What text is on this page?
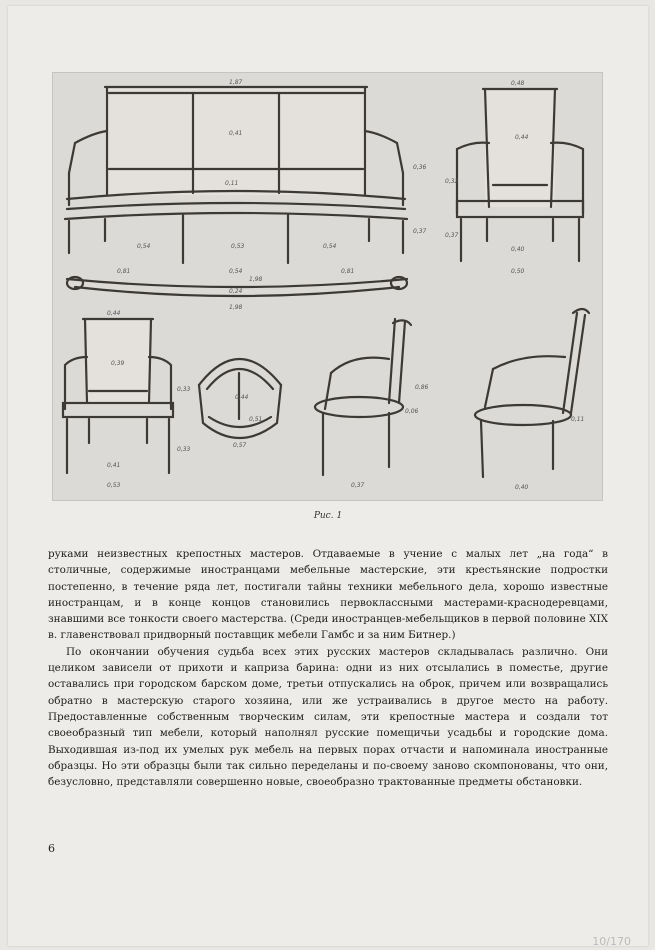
1,87
0,41
0,11
0,36
0,37
0,54	0,53	0,54
0,81	0,54	0,81
1,98
0,24
1,98
0,48
0,44
0,32
0,37
0,40
0,50
0,44
0,39
0,33
0,33
0,41
0,53
0,44
0,51
0,57
0,86
0,06
0,37
0,11
0,40
Рис. 1

руками неизвестных крепостных мастеров. Отдаваемые в учение с малых лет „на года“ в столичные, содержимые иностранцами мебельные мастерские, эти крестьянские подростки постепенно, в течение ряда лет, постигали тайны техники мебельного дела, хорошо известные иностранцам, и в конце концов становились первоклассными мастерами-краснодеревцами, знавшими все тонкости своего мастерства. (Среди иностранцев-мебельщиков в первой половине XIX в. главенствовал придворный поставщик мебели Гамбс и за ним Битнер.)

По окончании обучения судьба всех этих русских мастеров складывалась различно. Они целиком зависели от прихоти и каприза барина: одни из них отсылались в поместье, другие оставались при городском барском доме, третьи отпускались на оброк, причем или возвращались обратно в мастерскую старого хозяина, или же устраивались в другое место на работу. Предоставленные собственным творческим силам, эти крепостные мастера и создали тот своеобразный тип мебели, который наполнял русские помещичьи усадьбы и городские дома. Выходившая из-под их умелых рук мебель на первых порах отчасти и напоминала иностранные образцы. Но эти образцы были так сильно переделаны и по-своему заново скомпонованы, что они, безусловно, представляли совершенно новые, своеобразно трактованные предметы обстановки.

6
10/170
